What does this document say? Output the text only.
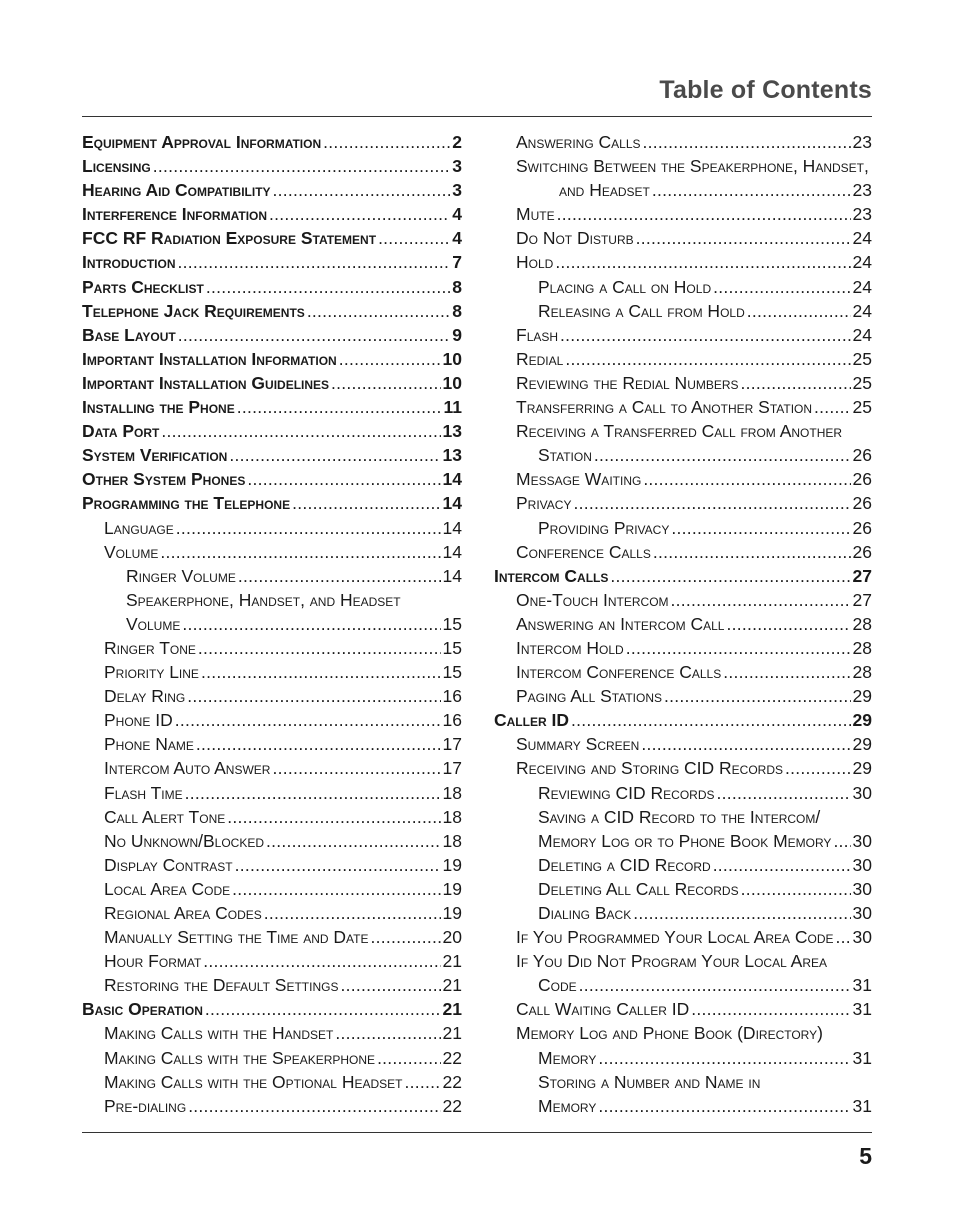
Table of Contents
Equipment Approval Information . . .	2
Licensing . . .	3
Hearing Aid Compatibility . . .	3
Interference Information . . .	4
FCC RF Radiation Exposure Statement . . .	4
Introduction . . .	7
Parts Checklist . . .	8
Telephone Jack Requirements . . .	8
Base Layout . . .	9
Important Installation Information . . .	10
Important Installation Guidelines . . .	10
Installing the Phone . . .	11
Data Port . . .	13
System Verification . . .	13
Other System Phones . . .	14
Programming the Telephone . . .	14
Language . . .	14
Volume . . .	14
Ringer Volume . . .	14
Speakerphone, Handset, and Headset
Volume . . .	15
Ringer Tone . . .	15
Priority Line . . .	15
Delay Ring . . .	16
Phone ID . . .	16
Phone Name . . .	17
Intercom Auto Answer . . .	17
Flash Time . . .	18
Call Alert Tone . . .	18
No Unknown/Blocked . . .	18
Display Contrast . . .	19
Local Area Code . . .	19
Regional Area Codes . . .	19
Manually Setting the Time and Date . . .	20
Hour Format . . .	21
Restoring the Default Settings . . .	21
Basic Operation . . .	21
Making Calls with the Handset . . .	21
Making Calls with the Speakerphone . . .	22
Making Calls with the Optional Headset . . . 22
Pre-dialing . . .	22
Answering Calls . . .	23
Switching Between the Speakerphone, Handset,
and Headset . . .	23
Mute . . .	23
Do Not Disturb . . .	24
Hold . . .	24
Placing a Call on Hold . . .	24
Releasing a Call from Hold . . .	24
Flash . . .	24
Redial . . .	25
Reviewing the Redial Numbers . . .	25
Transferring a Call to Another Station . . . 25
Receiving a Transferred Call from Another
Station . . .	26
Message Waiting . . .	26
Privacy . . .	26
Providing Privacy . . .	26
Conference Calls . . .	26
Intercom Calls . . .	27
One-Touch Intercom . . .	27
Answering an Intercom Call . . .	28
Intercom Hold . . .	28
Intercom Conference Calls . . .	28
Paging All Stations . . .	29
Caller ID . . .	29
Summary Screen . . .	29
Receiving and Storing CID Records . . .	29
Reviewing CID Records . . .	30
Saving a CID Record to the Intercom/
Memory Log or to Phone Book Memory . . . 30
Deleting a CID Record . . .	30
Deleting All Call Records . . .	30
Dialing Back . . .	30
If You Programmed Your Local Area Code . . . 30
If You Did Not Program Your Local Area
Code . . .	31
Call Waiting Caller ID . . .	31
Memory Log and Phone Book (Directory)
Memory . . .	31
Storing a Number and Name in
Memory . . .	31
5
